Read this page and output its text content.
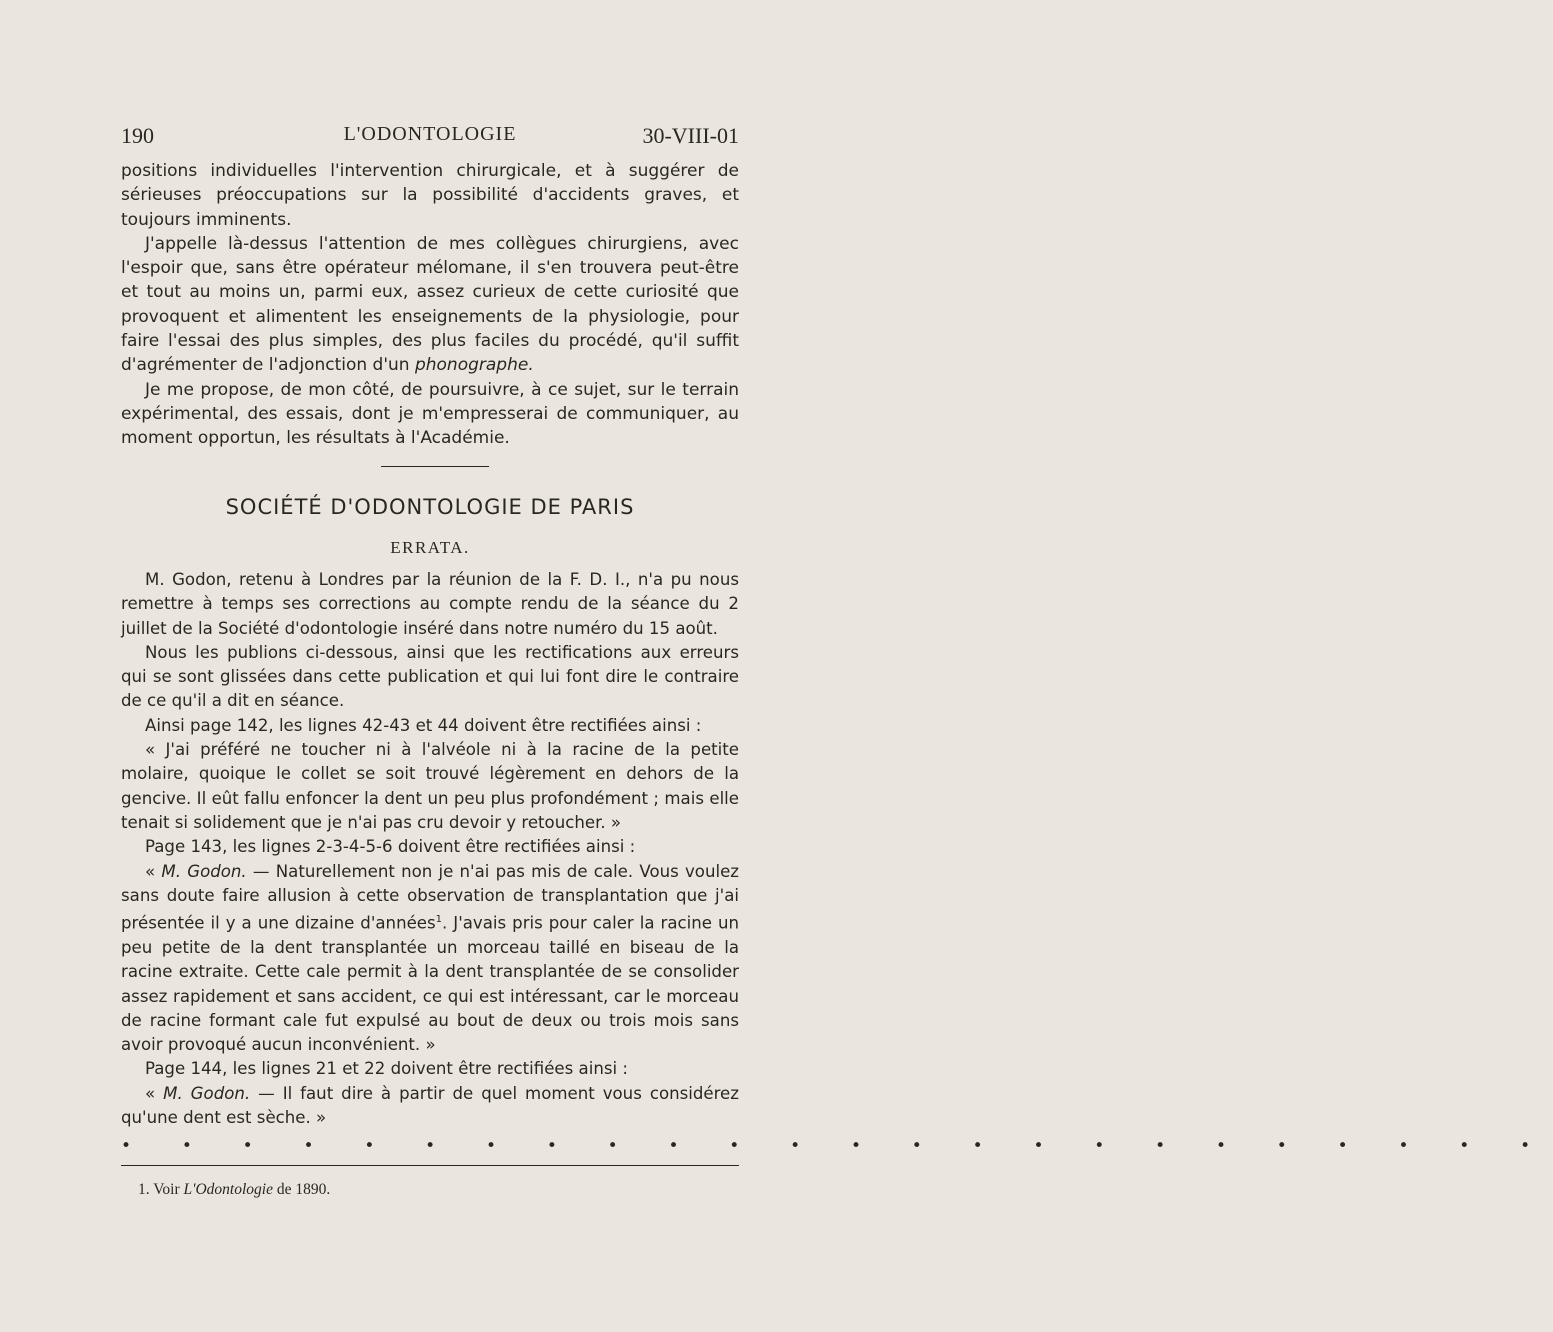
190	L'ODONTOLOGIE	30-VIII-01

positions individuelles l'intervention chirurgicale, et à suggérer de sérieuses préoccupations sur la possibilité d'accidents graves, et toujours imminents.

J'appelle là-dessus l'attention de mes collègues chirurgiens, avec l'espoir que, sans être opérateur mélomane, il s'en trouvera peut-être et tout au moins un, parmi eux, assez curieux de cette curiosité que provoquent et alimentent les enseignements de la physiologie, pour faire l'essai des plus simples, des plus faciles du procédé, qu'il suffit d'agrémenter de l'adjonction d'un phonographe.

Je me propose, de mon côté, de poursuivre, à ce sujet, sur le terrain expérimental, des essais, dont je m'empresserai de communiquer, au moment opportun, les résultats à l'Académie.

SOCIÉTÉ D'ODONTOLOGIE DE PARIS
ERRATA.

M. Godon, retenu à Londres par la réunion de la F. D. I., n'a pu nous remettre à temps ses corrections au compte rendu de la séance du 2 juillet de la Société d'odontologie inséré dans notre numéro du 15 août.

Nous les publions ci-dessous, ainsi que les rectifications aux erreurs qui se sont glissées dans cette publication et qui lui font dire le contraire de ce qu'il a dit en séance.

Ainsi page 142, les lignes 42-43 et 44 doivent être rectifiées ainsi :

« J'ai préféré ne toucher ni à l'alvéole ni à la racine de la petite molaire, quoique le collet se soit trouvé légèrement en dehors de la gencive. Il eût fallu enfoncer la dent un peu plus profondément ; mais elle tenait si solidement que je n'ai pas cru devoir y retoucher. »

Page 143, les lignes 2-3-4-5-6 doivent être rectifiées ainsi :

« M. Godon. — Naturellement non je n'ai pas mis de cale. Vous voulez sans doute faire allusion à cette observation de transplantation que j'ai présentée il y a une dizaine d'années$^1$. J'avais pris pour caler la racine un peu petite de la dent transplantée un morceau taillé en biseau de la racine extraite. Cette cale permit à la dent transplantée de se consolider assez rapidement et sans accident, ce qui est intéressant, car le morceau de racine formant cale fut expulsé au bout de deux ou trois mois sans avoir provoqué aucun inconvénient. »

Page 144, les lignes 21 et 22 doivent être rectifiées ainsi :

« M. Godon. — Il faut dire à partir de quel moment vous considérez qu'une dent est sèche. »

• • • • • • • • • • • • • • • • • • • • • • • •
1. Voir L'Odontologie de 1890.
